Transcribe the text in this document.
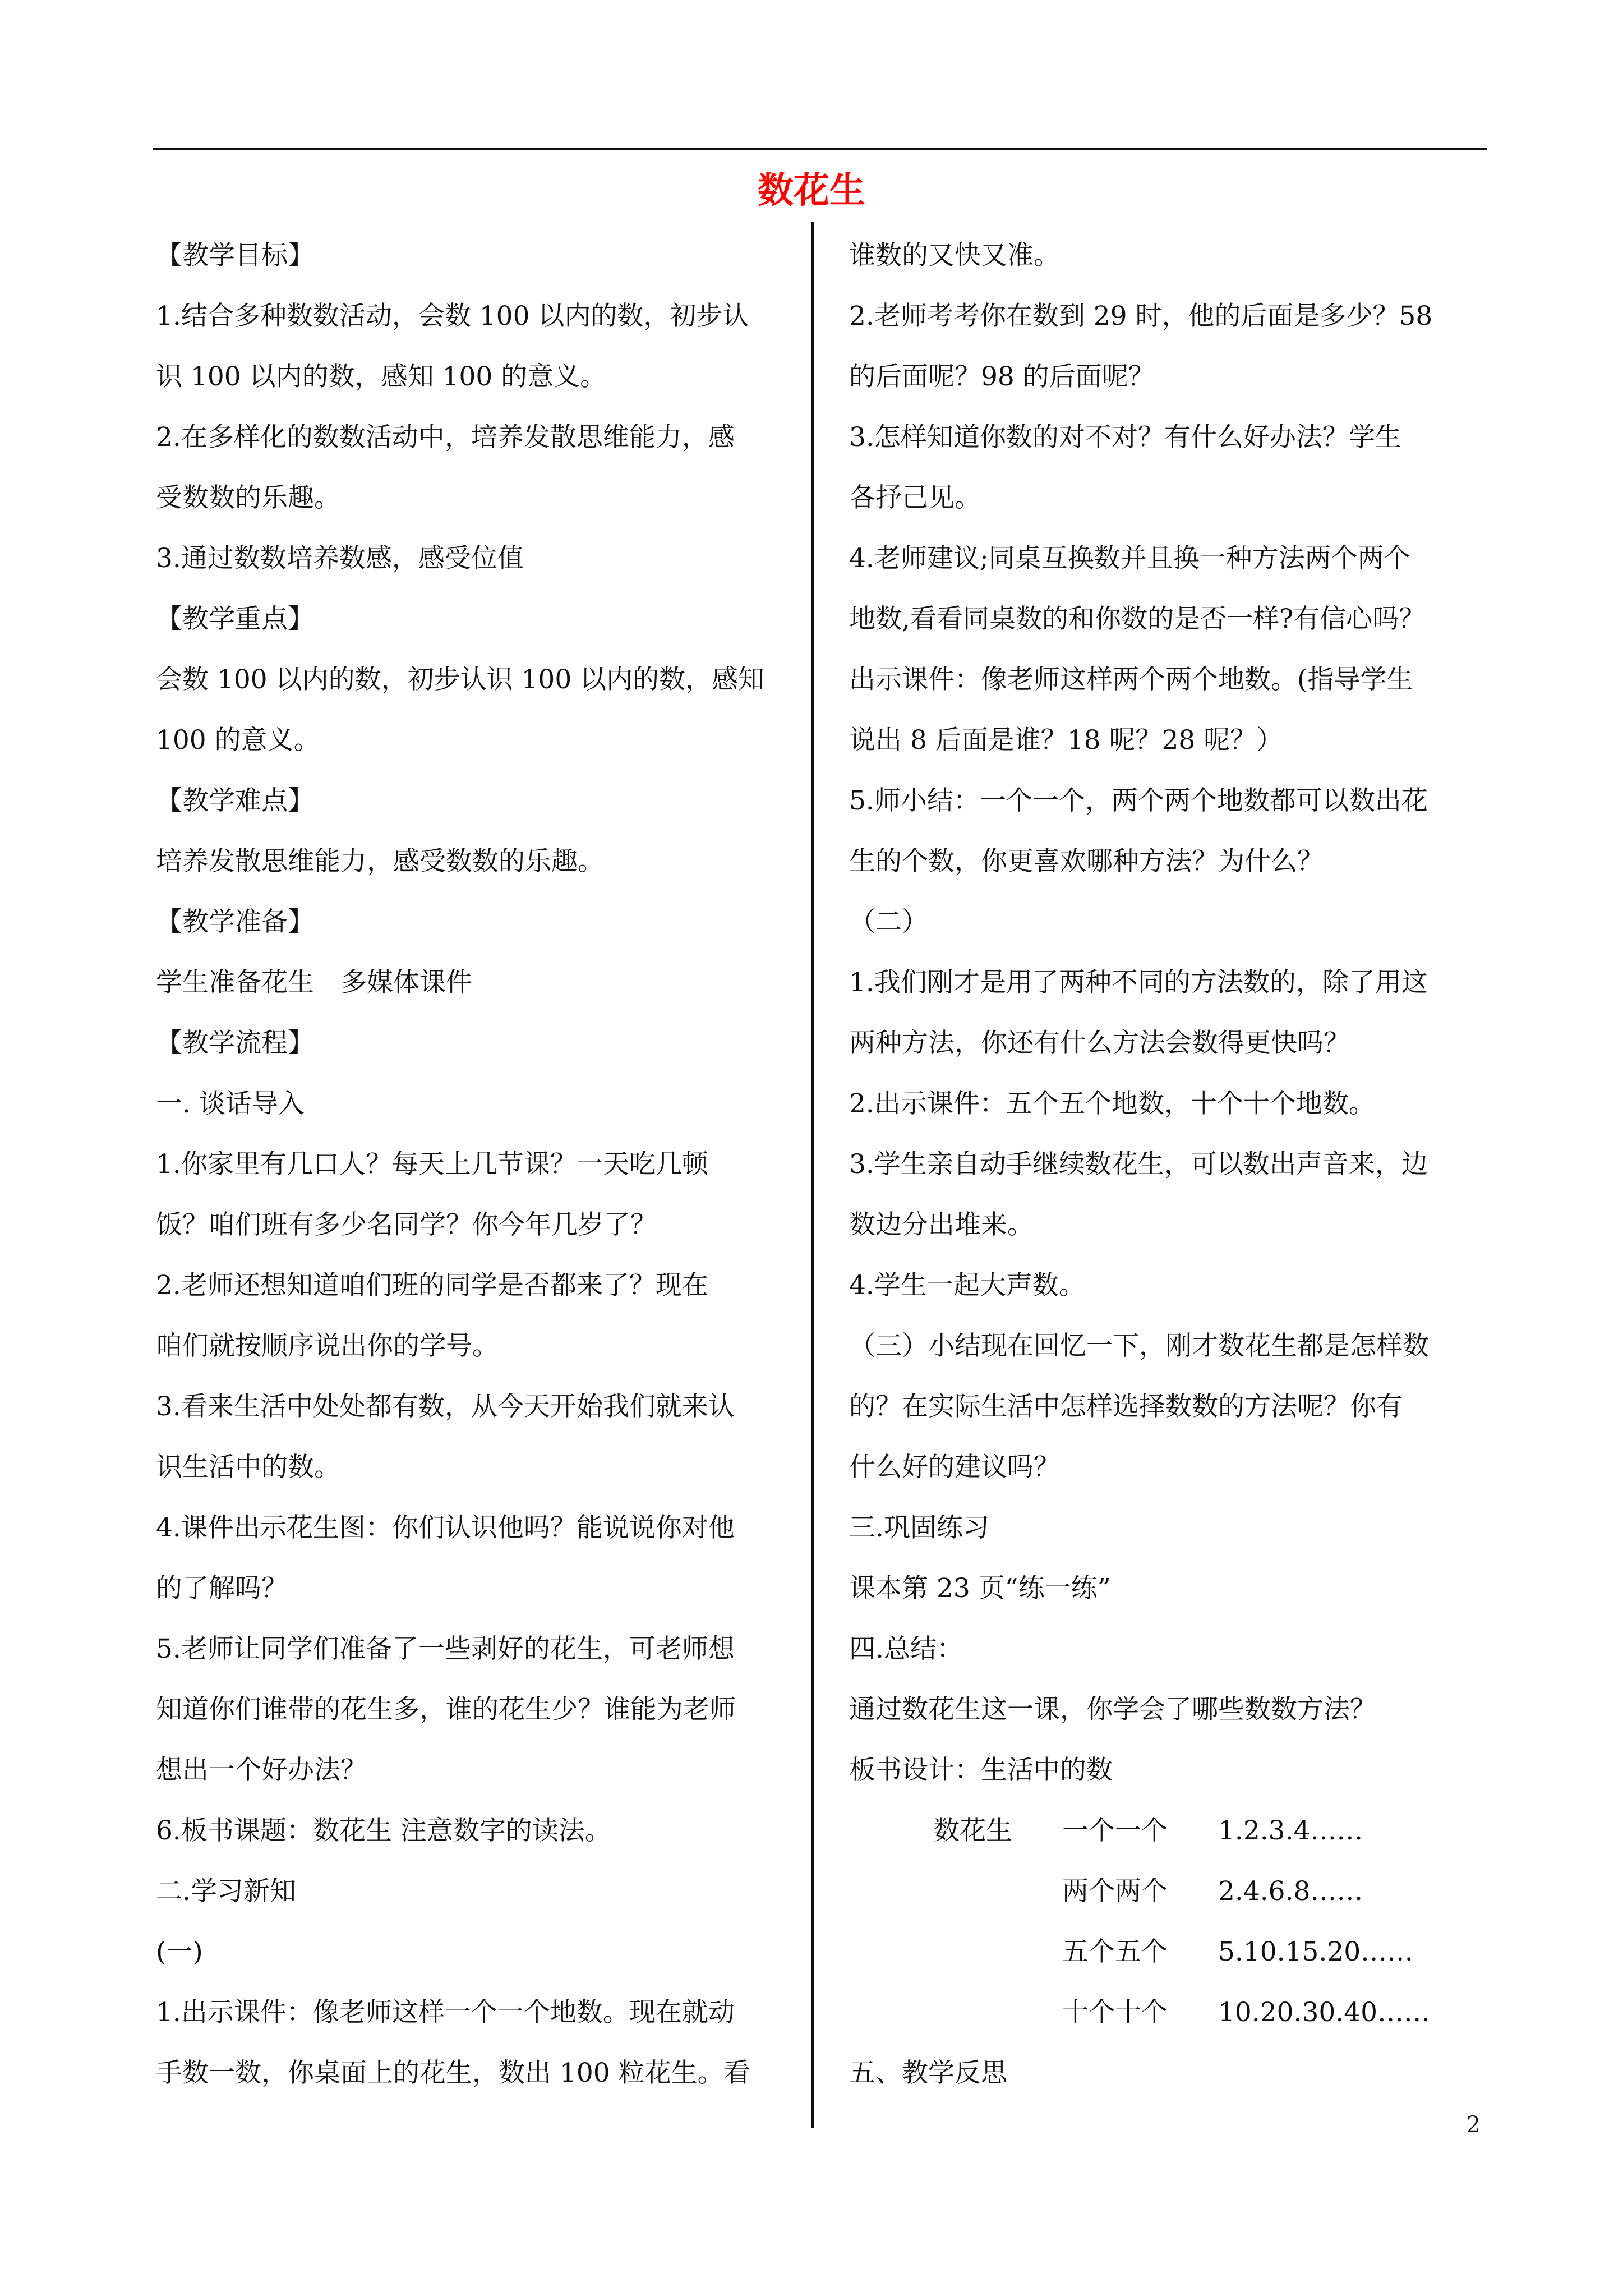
数花生
【教学目标】
1.结合多种数数活动，会数 100 以内的数，初步认
识 100 以内的数，感知 100 的意义。
2.在多样化的数数活动中，培养发散思维能力，感
受数数的乐趣。
3.通过数数培养数感，感受位值
【教学重点】
会数 100 以内的数，初步认识 100 以内的数，感知
100 的意义。
【教学难点】
培养发散思维能力，感受数数的乐趣。
【教学准备】
学生准备花生　多媒体课件
【教学流程】
一. 谈话导入
1.你家里有几口人？每天上几节课？一天吃几顿
饭？咱们班有多少名同学？你今年几岁了？
2.老师还想知道咱们班的同学是否都来了？现在
咱们就按顺序说出你的学号。
3.看来生活中处处都有数，从今天开始我们就来认
识生活中的数。
4.课件出示花生图：你们认识他吗？能说说你对他
的了解吗？
5.老师让同学们准备了一些剥好的花生，可老师想
知道你们谁带的花生多，谁的花生少？谁能为老师
想出一个好办法？
6.板书课题：数花生 注意数字的读法。
二.学习新知
(一)
1.出示课件：像老师这样一个一个地数。现在就动
手数一数，你桌面上的花生，数出 100 粒花生。看
谁数的又快又准。
2.老师考考你在数到 29 时，他的后面是多少？58
的后面呢？98 的后面呢？
3.怎样知道你数的对不对？有什么好办法？学生
各抒己见。
4.老师建议;同桌互换数并且换一种方法两个两个
地数,看看同桌数的和你数的是否一样?有信心吗？
出示课件：像老师这样两个两个地数。(指导学生
说出 8 后面是谁？18 呢？28 呢？）
5.师小结：一个一个，两个两个地数都可以数出花
生的个数，你更喜欢哪种方法？为什么？
（二）
1.我们刚才是用了两种不同的方法数的，除了用这
两种方法，你还有什么方法会数得更快吗？
2.出示课件：五个五个地数，十个十个地数。
3.学生亲自动手继续数花生，可以数出声音来，边
数边分出堆来。
4.学生一起大声数。
（三）小结现在回忆一下，刚才数花生都是怎样数
的？在实际生活中怎样选择数数的方法呢？你有
什么好的建议吗？
三.巩固练习
课本第 23 页“练一练”
四.总结：
通过数花生这一课，你学会了哪些数数方法？
板书设计：生活中的数
数花生 一个一个 1.2.3.4……
两个两个 2.4.6.8……
五个五个 5.10.15.20……
十个十个 10.20.30.40……
五、教学反思
2
